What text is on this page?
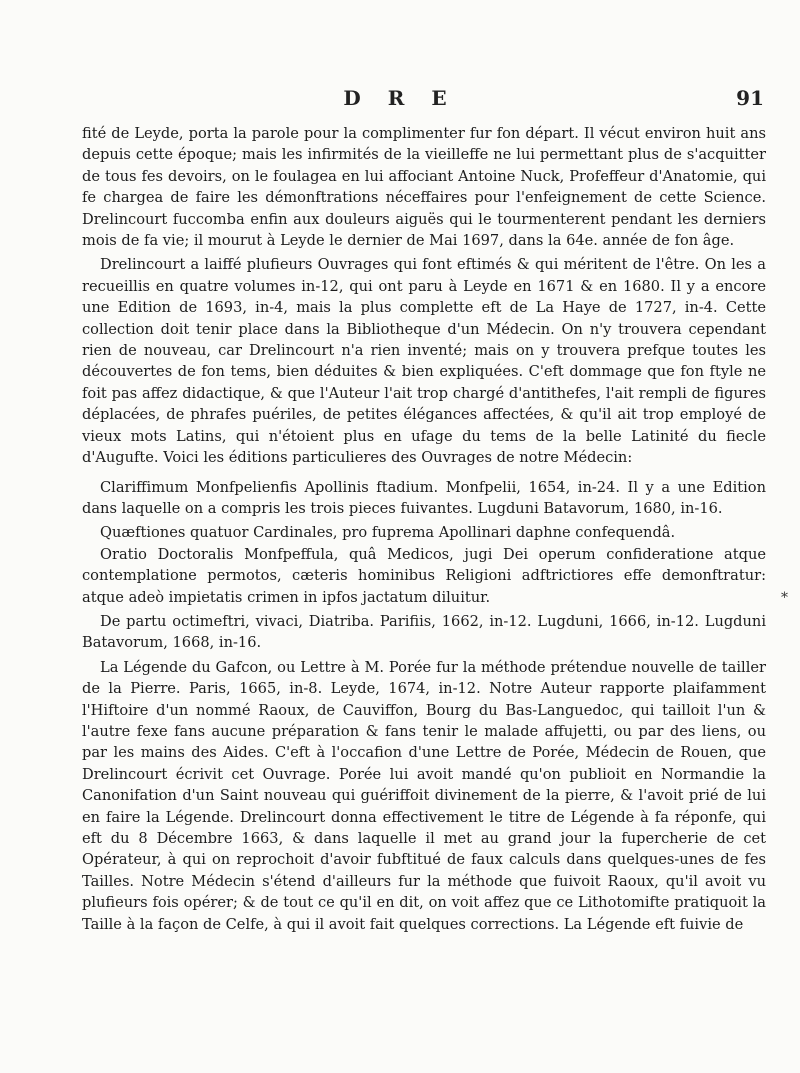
D R E	91

fité de Leyde, porta la parole pour la complimenter fur fon départ. Il vécut environ huit ans depuis cette époque; mais les infirmités de la vieilleffe ne lui permettant plus de s'acquitter de tous fes devoirs, on le foulagea en lui affociant Antoine Nuck, Profeffeur d'Anatomie, qui fe chargea de faire les démonftrations néceffaires pour l'enfeignement de cette Science. Drelincourt fuccomba enfin aux douleurs aiguës qui le tourmenterent pendant les derniers mois de fa vie; il mourut à Leyde le dernier de Mai 1697, dans la 64e. année de fon âge.

Drelincourt a laiffé plufieurs Ouvrages qui font eftimés & qui méritent de l'être. On les a recueillis en quatre volumes in-12, qui ont paru à Leyde en 1671 & en 1680. Il y a encore une Edition de 1693, in-4, mais la plus complette eft de La Haye de 1727, in-4. Cette collection doit tenir place dans la Bibliotheque d'un Médecin. On n'y trouvera cependant rien de nouveau, car Drelincourt n'a rien inventé; mais on y trouvera prefque toutes les découvertes de fon tems, bien déduites & bien expliquées. C'eft dommage que fon ftyle ne foit pas affez didactique, & que l'Auteur l'ait trop chargé d'antithefes, l'ait rempli de figures déplacées, de phrafes puériles, de petites élégances affectées, & qu'il ait trop employé de vieux mots Latins, qui n'étoient plus en ufage du tems de la belle Latinité du fiecle d'Augufte. Voici les éditions particulieres des Ouvrages de notre Médecin:

Clariffimum Monfpelienfis Apollinis ftadium. Monfpelii, 1654, in-24. Il y a une Edition dans laquelle on a compris les trois pieces fuivantes. Lugduni Batavorum, 1680, in-16.

Quæftiones quatuor Cardinales, pro fuprema Apollinari daphne confequendâ.

Oratio Doctoralis Monfpeffula, quâ Medicos, jugi Dei operum confideratione atque contemplatione permotos, cæteris hominibus Religioni adftrictiores effe demonftratur: atque adeò impietatis crimen in ipfos jactatum diluitur.

De partu octimeftri, vivaci, Diatriba. Parifiis, 1662, in-12. Lugduni, 1666, in-12. Lugduni Batavorum, 1668, in-16.

La Légende du Gafcon, ou Lettre à M. Porée fur la méthode prétendue nouvelle de tailler de la Pierre. Paris, 1665, in-8. Leyde, 1674, in-12. Notre Auteur rapporte plaifamment l'Hiftoire d'un nommé Raoux, de Cauviffon, Bourg du Bas-Languedoc, qui tailloit l'un & l'autre fexe fans aucune préparation & fans tenir le malade affujetti, ou par des liens, ou par les mains des Aides. C'eft à l'occafion d'une Lettre de Porée, Médecin de Rouen, que Drelincourt écrivit cet Ouvrage. Porée lui avoit mandé qu'on publioit en Normandie la Canonifation d'un Saint nouveau qui guériffoit divinement de la pierre, & l'avoit prié de lui en faire la Légende. Drelincourt donna effectivement le titre de Légende à fa réponfe, qui eft du 8 Décembre 1663, & dans laquelle il met au grand jour la fupercherie de cet Opérateur, à qui on reprochoit d'avoir fubftitué de faux calculs dans quelques-unes de fes Tailles. Notre Médecin s'étend d'ailleurs fur la méthode que fuivoit Raoux, qu'il avoit vu plufieurs fois opérer; & de tout ce qu'il en dit, on voit affez que ce Lithotomifte pratiquoit la Taille à la façon de Celfe, à qui il avoit fait quelques corrections. La Légende eft fuivie de

*
